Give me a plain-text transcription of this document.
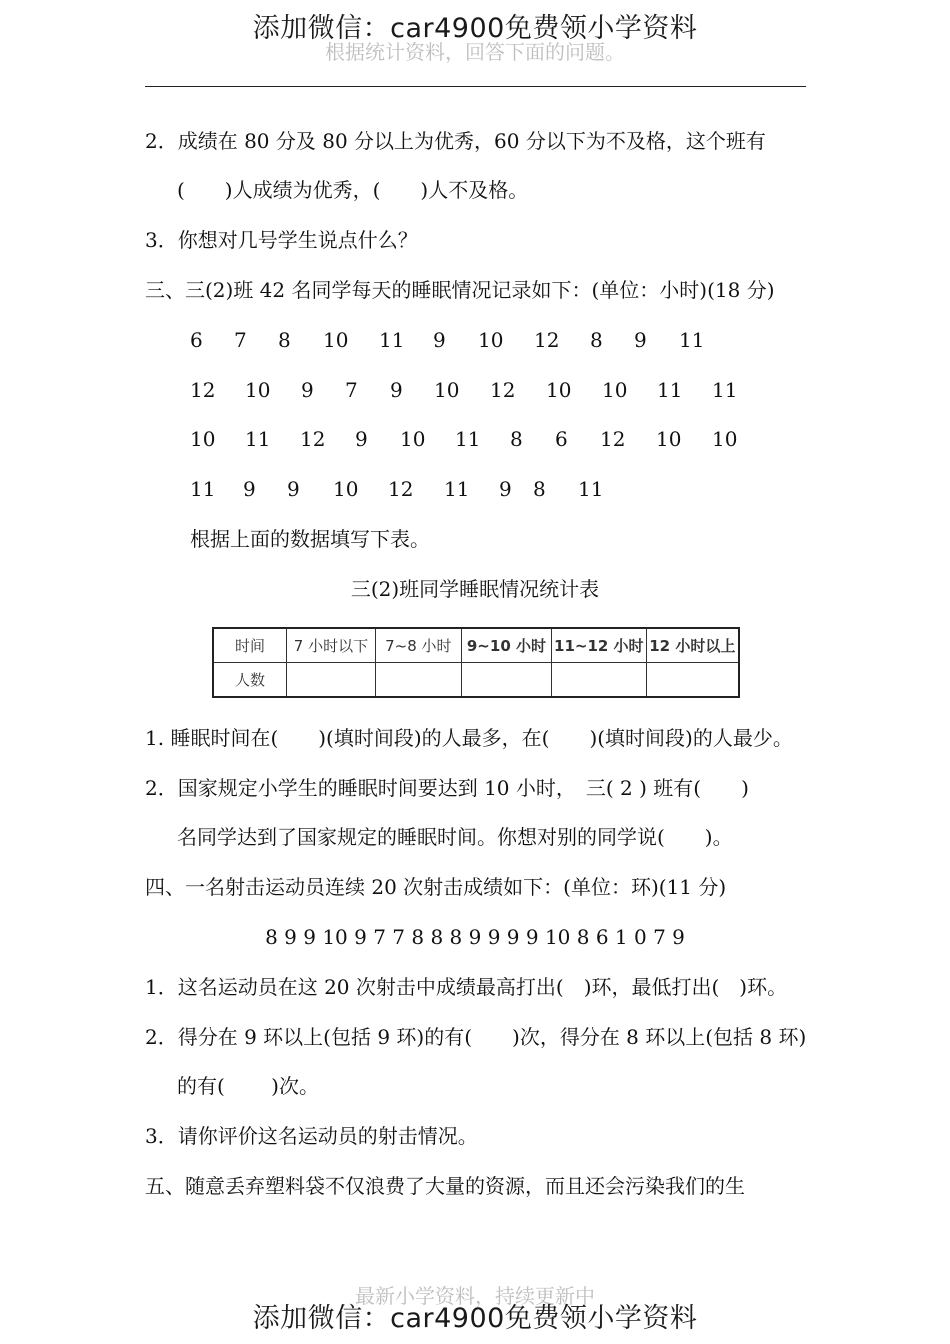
添加微信：car4900免费领小学资料
根据统计资料，回答下面的问题。
2．成绩在 80 分及 80 分以上为优秀，60 分以下为不及格，这个班有
(　　)人成绩为优秀，(　　)人不及格。
3．你想对几号学生说点什么？
三、三(2)班 42 名同学每天的睡眠情况记录如下：(单位：小时)(18 分)
6 7 8 10 11 9 10 12 8 9 11
12 10 9 7 9 10 12 10 10 11 11
10 11 12 9 10 11 8 6 12 10 10
11 9 9 10 12 11 9 8 11
根据上面的数据填写下表。
三(2)班同学睡眠情况统计表
时间	7 小时以下	7~8 小时	9~10 小时	11~12 小时	12 小时以上
人数					
1. 睡眠时间在(　　)(填时间段)的人最多，在(　　)(填时间段)的人最少。
2．国家规定小学生的睡眠时间要达到 10 小时，　三( 2 ) 班有(　　)
名同学达到了国家规定的睡眠时间。你想对别的同学说(　　)。
四、一名射击运动员连续 20 次射击成绩如下：(单位：环)(11 分)
8 9 9 10 9 7 7 8 8 8 9 9 9 9 10 8 6 1 0 7 9
1．这名运动员在这 20 次射击中成绩最高打出(　)环，最低打出(　)环。
2．得分在 9 环以上(包括 9 环)的有(　　)次，得分在 8 环以上(包括 8 环)
的有(　　 )次。
3．请你评价这名运动员的射击情况。
五、随意丢弃塑料袋不仅浪费了大量的资源，而且还会污染我们的生
最新小学资料，持续更新中
添加微信：car4900免费领小学资料
